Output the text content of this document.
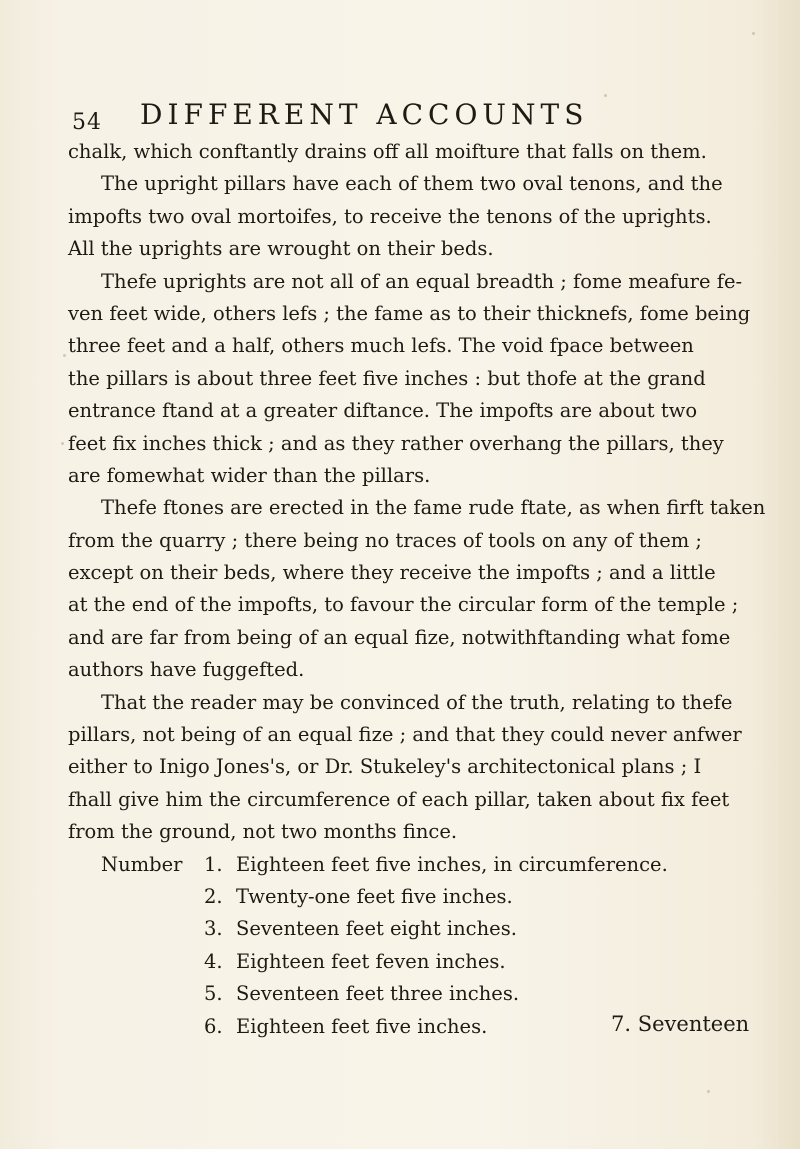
54 DIFFERENT ACCOUNTS
chalk, which conftantly drains off all moifture that falls on them.
The upright pillars have each of them two oval tenons, and the
impofts two oval mortoifes, to receive the tenons of the uprights.
All the uprights are wrought on their beds.
Thefe uprights are not all of an equal breadth ; fome meafure fe-
ven feet wide, others lefs ; the fame as to their thicknefs, fome being
three feet and a half, others much lefs. The void fpace between
the pillars is about three feet five inches : but thofe at the grand
entrance ftand at a greater diftance. The impofts are about two
feet fix inches thick ; and as they rather overhang the pillars, they
are fomewhat wider than the pillars.
Thefe ftones are erected in the fame rude ftate, as when firft taken
from the quarry ; there being no traces of tools on any of them ;
except on their beds, where they receive the impofts ; and a little
at the end of the impofts, to favour the circular form of the temple ;
and are far from being of an equal fize, notwithftanding what fome
authors have fuggefted.
That the reader may be convinced of the truth, relating to thefe
pillars, not being of an equal fize ; and that they could never anfwer
either to Inigo Jones's, or Dr. Stukeley's architectonical plans ; I
fhall give him the circumference of each pillar, taken about fix feet
from the ground, not two months fince.
Number 1. Eighteen feet five inches, in circumference.
2. Twenty-one feet five inches.
3. Seventeen feet eight inches.
4. Eighteen feet feven inches.
5. Seventeen feet three inches.
6. Eighteen feet five inches.	7. Seventeen
